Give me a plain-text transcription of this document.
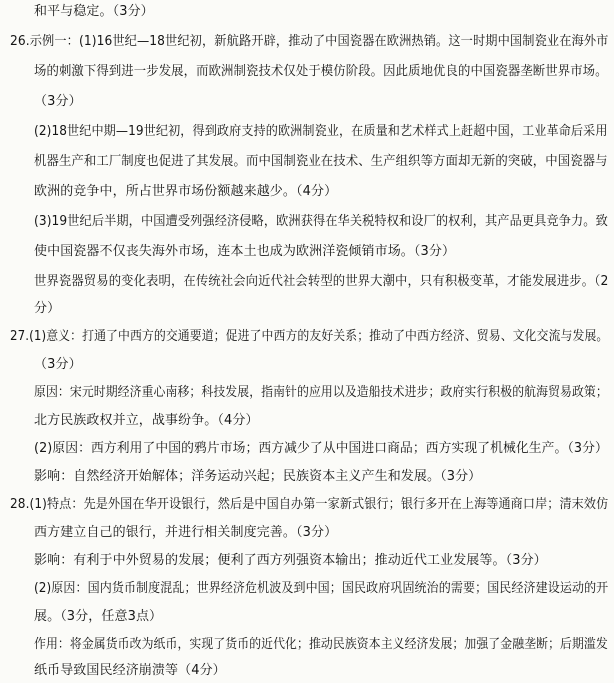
和平与稳定。（3分）
26.示例一：(1)16世纪—18世纪初，新航路开辟，推动了中国瓷器在欧洲热销。这一时期中国制瓷业在海外市
场的刺激下得到进一步发展，而欧洲制瓷技术仅处于模仿阶段。因此质地优良的中国瓷器垄断世界市场。
（3分）
(2)18世纪中期—19世纪初，得到政府支持的欧洲制瓷业，在质量和艺术样式上赶超中国，工业革命后采用
机器生产和工厂制度也促进了其发展。而中国制瓷业在技术、生产组织等方面却无新的突破，中国瓷器与
欧洲的竞争中，所占世界市场份额越来越少。（4分）
(3)19世纪后半期，中国遭受列强经济侵略，欧洲获得在华关税特权和设厂的权利，其产品更具竞争力。致
使中国瓷器不仅丧失海外市场，连本土也成为欧洲洋瓷倾销市场。（3分）
世界瓷器贸易的变化表明，在传统社会向近代社会转型的世界大潮中，只有积极变革，才能发展进步。（2
分）
27.(1)意义：打通了中西方的交通要道；促进了中西方的友好关系；推动了中西方经济、贸易、文化交流与发展。
（3分）
原因：宋元时期经济重心南移；科技发展，指南针的应用以及造船技术进步；政府实行积极的航海贸易政策；
北方民族政权并立，战事纷争。（4分）
(2)原因：西方利用了中国的鸦片市场；西方减少了从中国进口商品；西方实现了机械化生产。（3分）
影响：自然经济开始解体；洋务运动兴起；民族资本主义产生和发展。（3分）
28.(1)特点：先是外国在华开设银行，然后是中国自办第一家新式银行；银行多开在上海等通商口岸；清末效仿
西方建立自己的银行，并进行相关制度完善。（3分）
影响：有利于中外贸易的发展；便利了西方列强资本输出；推动近代工业发展等。（3分）
(2)原因：国内货币制度混乱；世界经济危机波及到中国；国民政府巩固统治的需要；国民经济建设运动的开
展。（3分，任意3点）
作用：将金属货币改为纸币，实现了货币的近代化；推动民族资本主义经济发展；加强了金融垄断；后期滥发
纸币导致国民经济崩溃等（4分）
